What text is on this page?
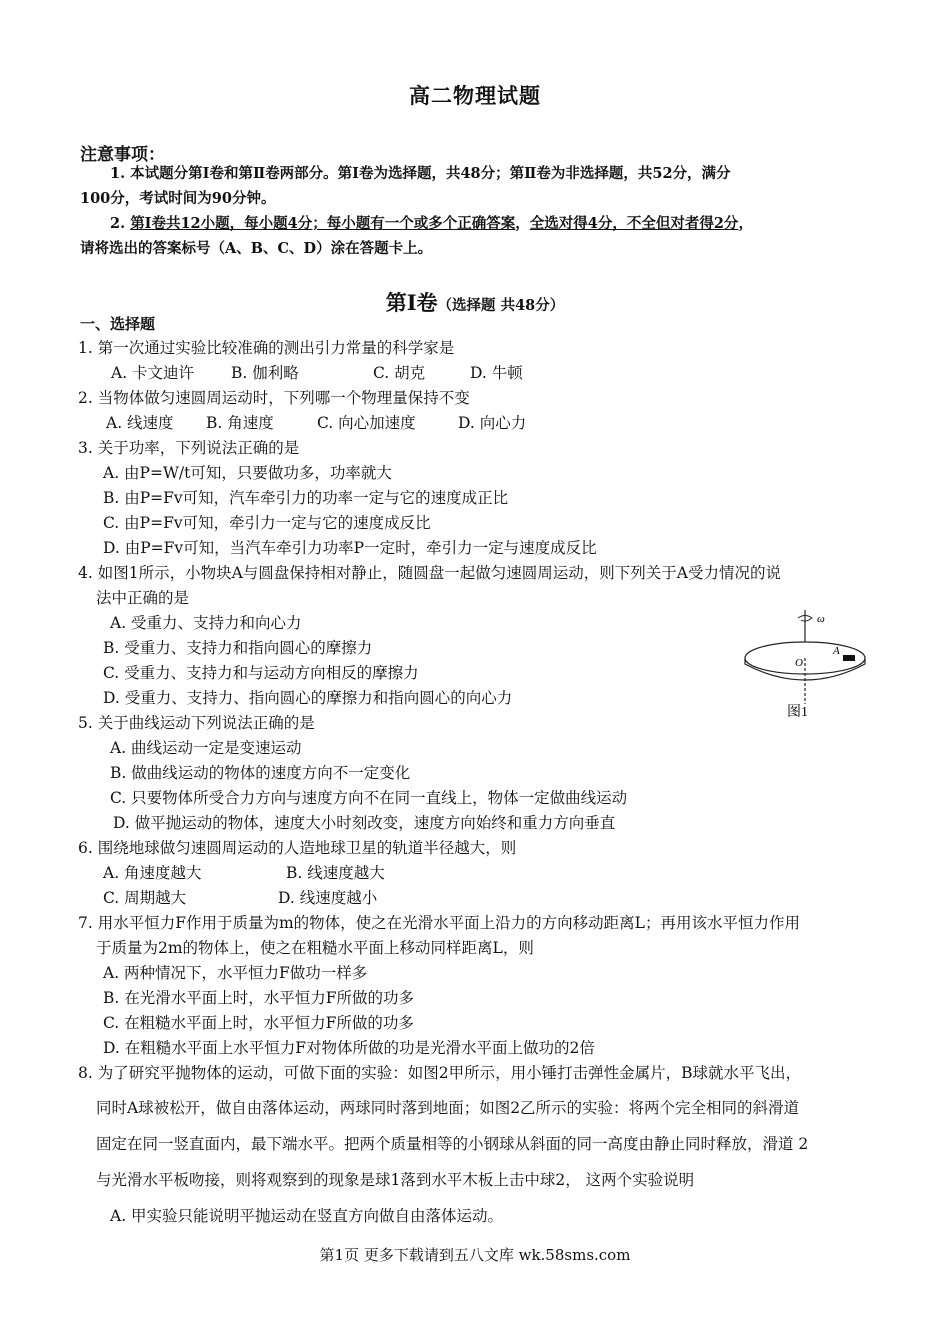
高二物理试题
注意事项：
1. 本试题分第Ⅰ卷和第Ⅱ卷两部分。第Ⅰ卷为选择题，共48分；第Ⅱ卷为非选择题，共52分，满分

100分，考试时间为90分钟。
2. 第Ⅰ卷共12小题，每小题4分；每小题有一个或多个正确答案，全选对得4分，不全但对者得2分，
请将选出的答案标号（A、B、C、D）涂在答题卡上。
第Ⅰ卷（选择题 共48分）
一、选择题
1. 第一次通过实验比较准确的测出引力常量的科学家是
A. 卡文迪许 B. 伽利略	C. 胡克	D. 牛顿
2. 当物体做匀速圆周运动时，下列哪一个物理量保持不变
A. 线速度 B. 角速度	C. 向心加速度	D. 向心力
3. 关于功率，下列说法正确的是
A. 由P=W/t可知，只要做功多，功率就大
B. 由P=Fv可知，汽车牵引力的功率一定与它的速度成正比
C. 由P=Fv可知，牵引力一定与它的速度成反比
D. 由P=Fv可知，当汽车牵引力功率P一定时，牵引力一定与速度成反比
4. 如图1所示，小物块A与圆盘保持相对静止，随圆盘一起做匀速圆周运动，则下列关于A受力情况的说
法中正确的是
A. 受重力、支持力和向心力
B. 受重力、支持力和指向圆心的摩擦力
C. 受重力、支持力和与运动方向相反的摩擦力
D. 受重力、支持力、指向圆心的摩擦力和指向圆心的向心力
ω
O
A
图1
5. 关于曲线运动下列说法正确的是
A. 曲线运动一定是变速运动
B. 做曲线运动的物体的速度方向不一定变化
C. 只要物体所受合力方向与速度方向不在同一直线上，物体一定做曲线运动
D. 做平抛运动的物体，速度大小时刻改变，速度方向始终和重力方向垂直
6. 围绕地球做匀速圆周运动的人造地球卫星的轨道半径越大，则
A. 角速度越大	B. 线速度越大
C. 周期越大	D. 线速度越小
7. 用水平恒力F作用于质量为m的物体，使之在光滑水平面上沿力的方向移动距离L；再用该水平恒力作用
于质量为2m的物体上，使之在粗糙水平面上移动同样距离L，则
A. 两种情况下，水平恒力F做功一样多
B. 在光滑水平面上时，水平恒力F所做的功多
C. 在粗糙水平面上时，水平恒力F所做的功多
D. 在粗糙水平面上水平恒力F对物体所做的功是光滑水平面上做功的2倍
8. 为了研究平抛物体的运动，可做下面的实验：如图2甲所示，用小锤打击弹性金属片，B球就水平飞出，
同时A球被松开，做自由落体运动，两球同时落到地面；如图2乙所示的实验：将两个完全相同的斜滑道
固定在同一竖直面内，最下端水平。把两个质量相等的小钢球从斜面的同一高度由静止同时释放，滑道 2
与光滑水平板吻接，则将观察到的现象是球1落到水平木板上击中球2， 这两个实验说明
A. 甲实验只能说明平抛运动在竖直方向做自由落体运动。
第1页 更多下载请到五八文库 wk.58sms.com
